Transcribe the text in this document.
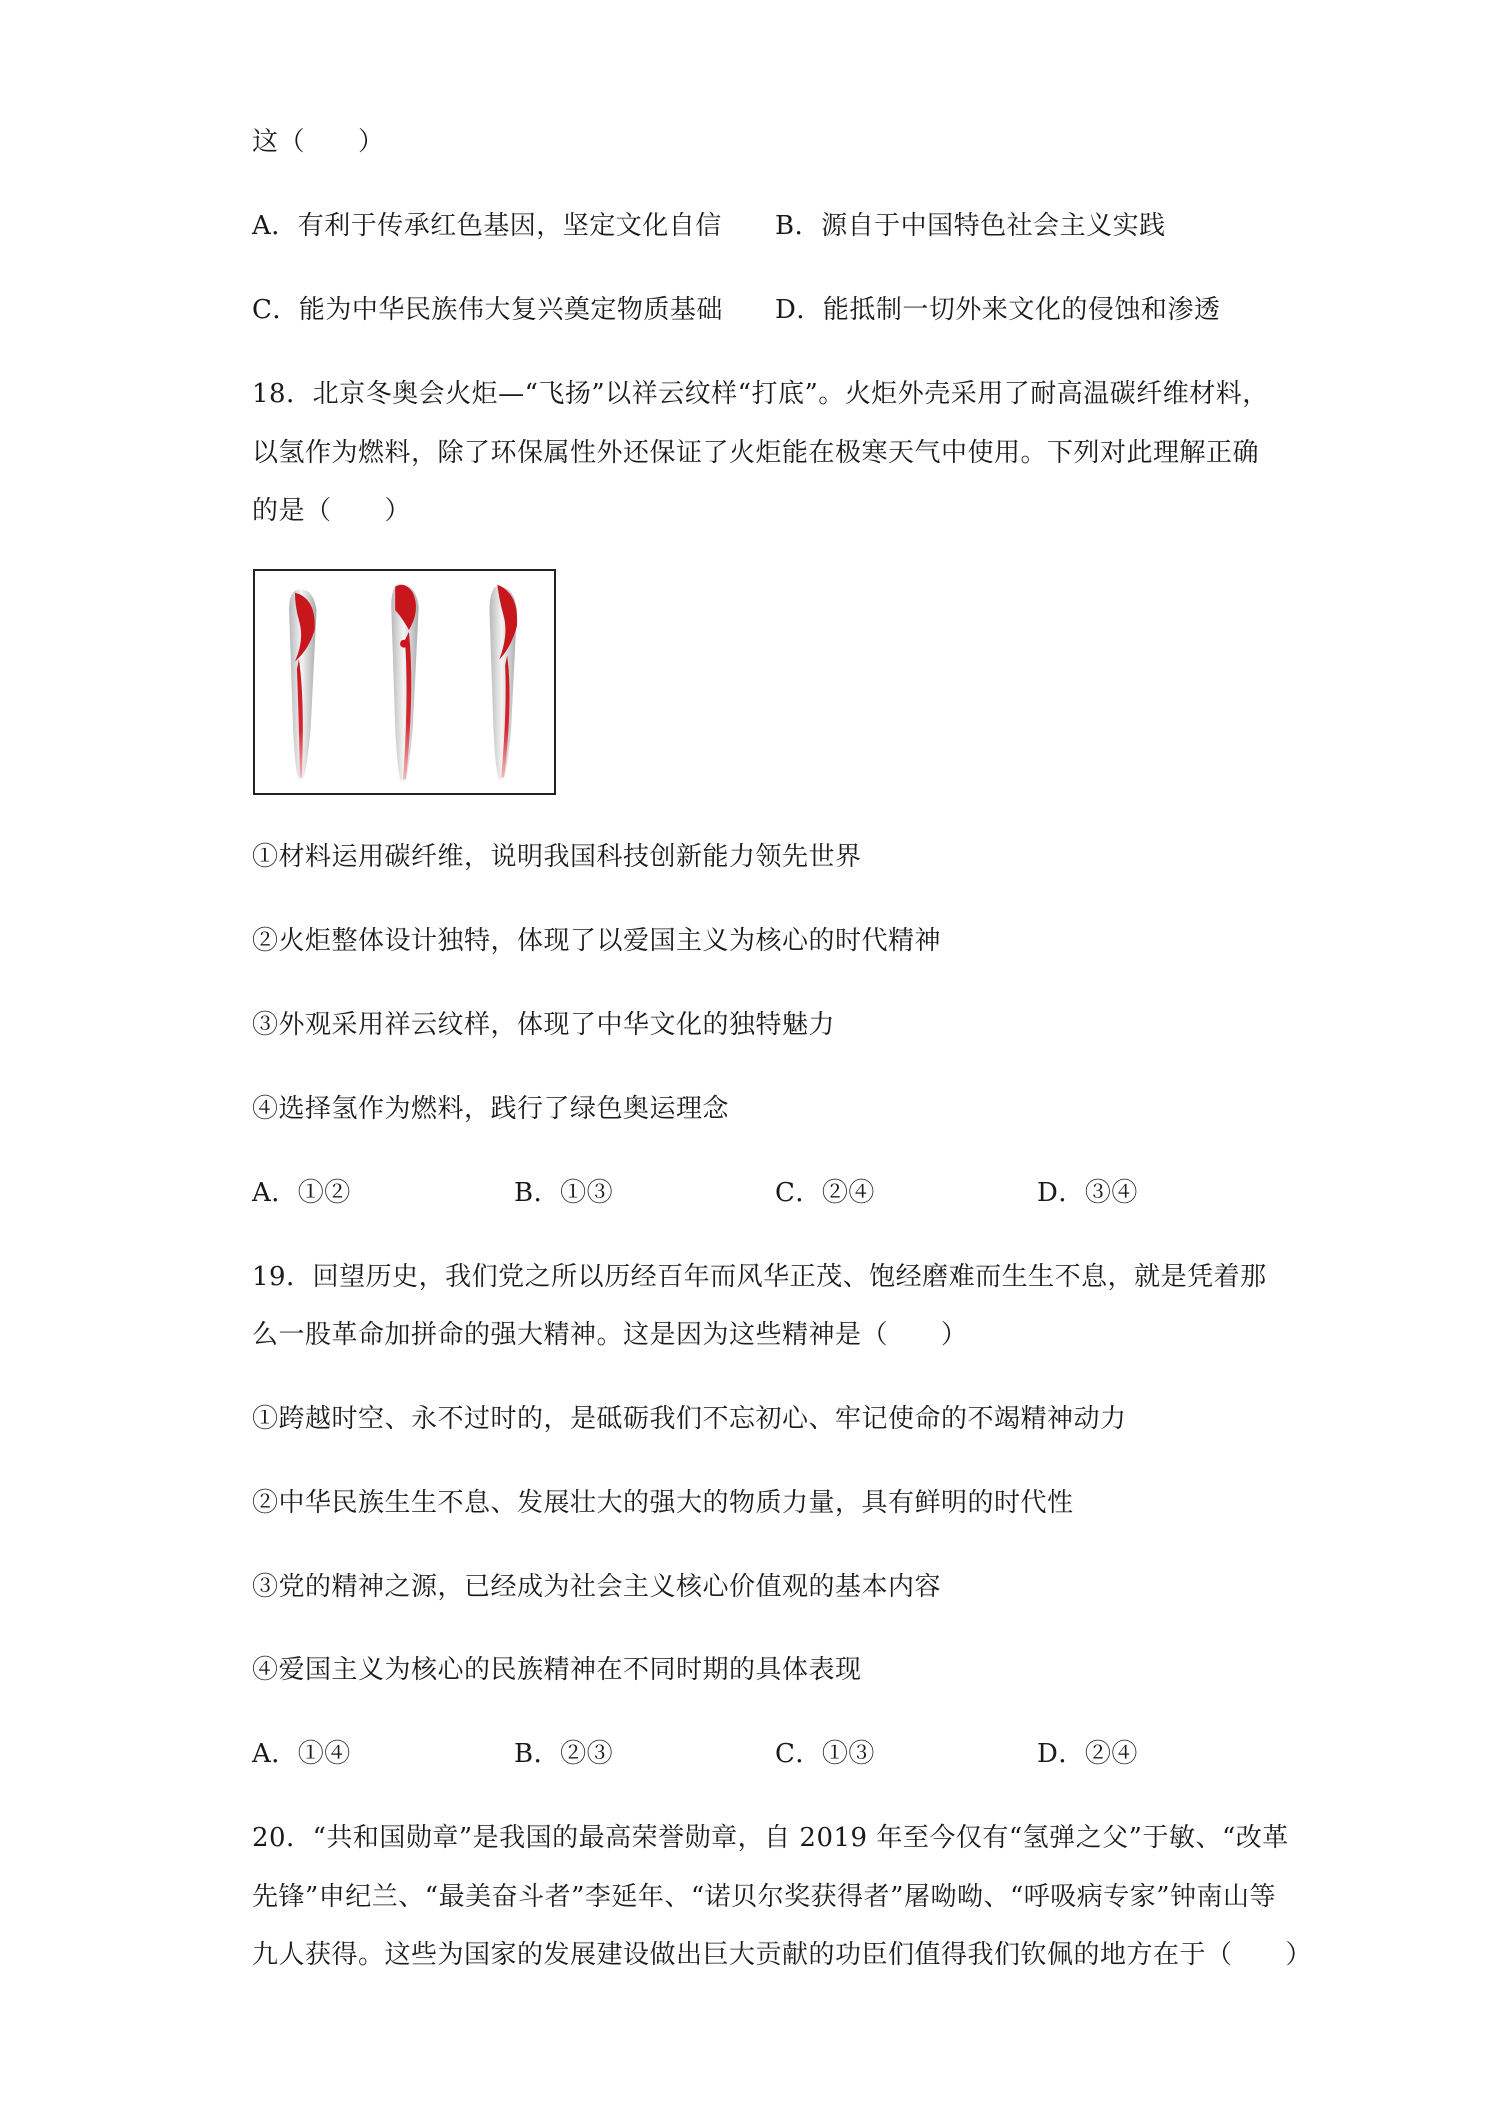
这（　　）
A．有利于传承红色基因，坚定文化自信 B．源自于中国特色社会主义实践
C．能为中华民族伟大复兴奠定物质基础 D．能抵制一切外来文化的侵蚀和渗透
18．北京冬奥会火炬—“飞扬”以祥云纹样“打底”。火炬外壳采用了耐高温碳纤维材料，
以氢作为燃料，除了环保属性外还保证了火炬能在极寒天气中使用。下列对此理解正确
的是（　　）
①材料运用碳纤维，说明我国科技创新能力领先世界
②火炬整体设计独特，体现了以爱国主义为核心的时代精神
③外观采用祥云纹样，体现了中华文化的独特魅力
④选择氢作为燃料，践行了绿色奥运理念
A．①②	B．①③	C．②④	D．③④
19．回望历史，我们党之所以历经百年而风华正茂、饱经磨难而生生不息，就是凭着那
么一股革命加拼命的强大精神。这是因为这些精神是（　　）
①跨越时空、永不过时的，是砥砺我们不忘初心、牢记使命的不竭精神动力
②中华民族生生不息、发展壮大的强大的物质力量，具有鲜明的时代性
③党的精神之源，已经成为社会主义核心价值观的基本内容
④爱国主义为核心的民族精神在不同时期的具体表现
A．①④	B．②③	C．①③	D．②④
20．“共和国勋章”是我国的最高荣誉勋章，自 2019 年至今仅有“氢弹之父”于敏、“改革
先锋”申纪兰、“最美奋斗者”李延年、“诺贝尔奖获得者”屠呦呦、“呼吸病专家”钟南山等
九人获得。这些为国家的发展建设做出巨大贡献的功臣们值得我们钦佩的地方在于（　　）
